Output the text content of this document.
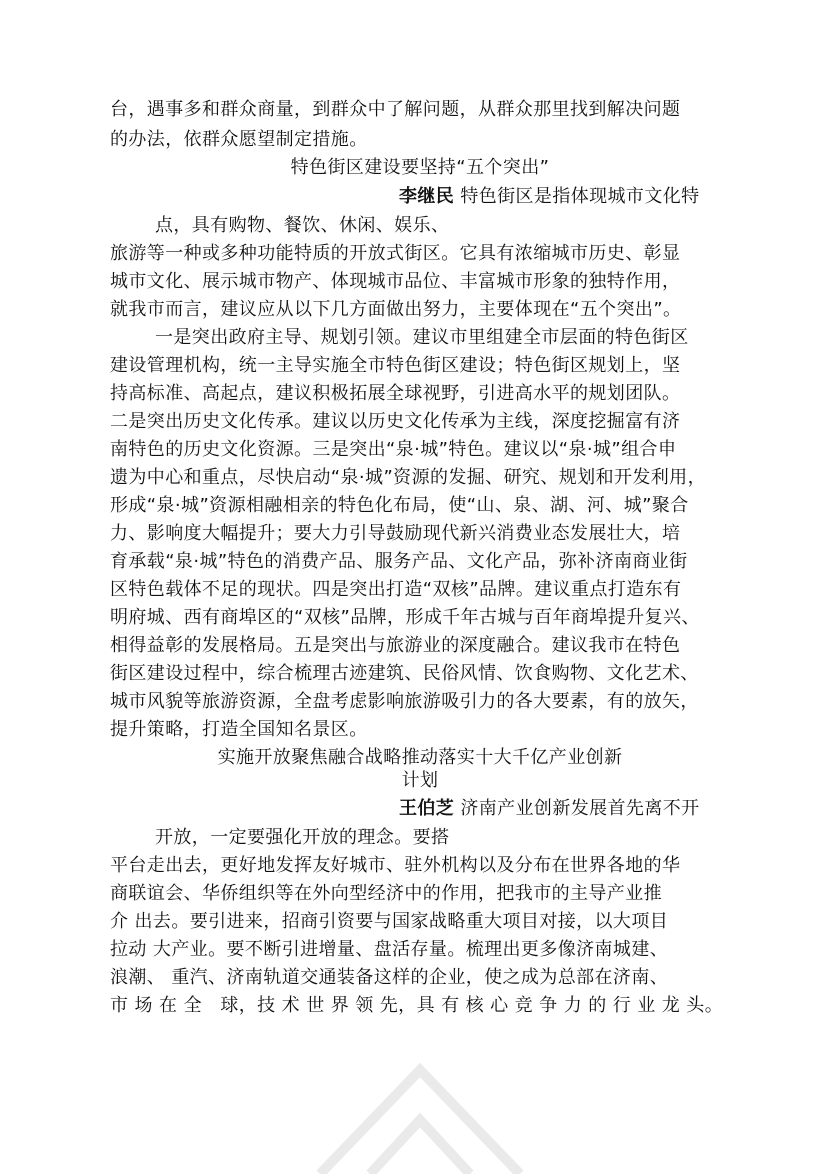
台，遇事多和群众商量，到群众中了解问题，从群众那里找到解决问题
的办法，依群众愿望制定措施。
特色街区建设要坚持“五个突出”
李继民 特色街区是指体现城市文化特
点，具有购物、餐饮、休闲、娱乐、
旅游等一种或多种功能特质的开放式街区。它具有浓缩城市历史、彰显
城市文化、展示城市物产、体现城市品位、丰富城市形象的独特作用，
就我市而言，建议应从以下几方面做出努力，主要体现在“五个突出”。
一是突出政府主导、规划引领。建议市里组建全市层面的特色街区
建设管理机构，统一主导实施全市特色街区建设；特色街区规划上，坚
持高标准、高起点，建议积极拓展全球视野，引进高水平的规划团队。
二是突出历史文化传承。建议以历史文化传承为主线，深度挖掘富有济
南特色的历史文化资源。三是突出“泉·城”特色。建议以“泉·城”组合申
遗为中心和重点，尽快启动“泉·城”资源的发掘、研究、规划和开发利用，
形成“泉·城”资源相融相亲的特色化布局，使“山、泉、湖、河、城”聚合
力、影响度大幅提升；要大力引导鼓励现代新兴消费业态发展壮大，培
育承载“泉·城”特色的消费产品、服务产品、文化产品，弥补济南商业街
区特色载体不足的现状。四是突出打造“双核”品牌。建议重点打造东有
明府城、西有商埠区的“双核”品牌，形成千年古城与百年商埠提升复兴、
相得益彰的发展格局。五是突出与旅游业的深度融合。建议我市在特色
街区建设过程中，综合梳理古迹建筑、民俗风情、饮食购物、文化艺术、
城市风貌等旅游资源，全盘考虑影响旅游吸引力的各大要素，有的放矢，
提升策略，打造全国知名景区。
实施开放聚焦融合战略推动落实十大千亿产业创新
计划
王伯芝 济南产业创新发展首先离不开
开放，一定要强化开放的理念。要搭
平台走出去，更好地发挥友好城市、驻外机构以及分布在世界各地的华
商联谊会、华侨组织等在外向型经济中的作用，把我市的主导产业推
介 出去。要引进来，招商引资要与国家战略重大项目对接，以大项目
拉动 大产业。要不断引进增量、盘活存量。梳理出更多像济南城建、
浪潮、 重汽、济南轨道交通装备这样的企业，使之成为总部在济南、
市 场 在 全　球，技 术 世 界 领 先，具 有 核 心 竞 争 力 的 行 业 龙 头。
